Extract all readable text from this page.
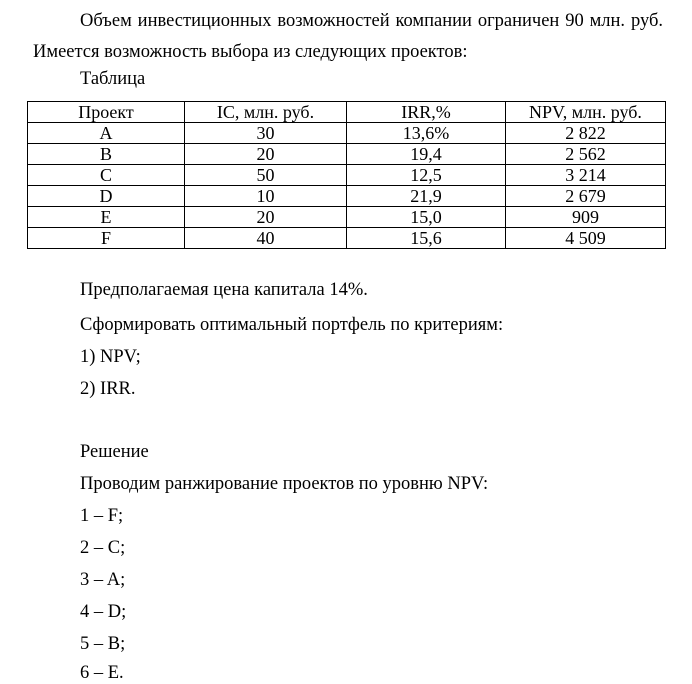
Объем инвестиционных возможностей компании ограничен 90 млн. руб. Имеется возможность выбора из следующих проектов:
Таблица
Проект	IC, млн. руб.	IRR,%	NPV, млн. руб.
A	30	13,6%	2 822
B	20	19,4	2 562
C	50	12,5	3 214
D	10	21,9	2 679
E	20	15,0	909
F	40	15,6	4 509
Предполагаемая цена капитала 14%.
Сформировать оптимальный портфель по критериям:
1) NPV;
2) IRR.
Решение
Проводим ранжирование проектов по уровню NPV:
1 – F;
2 – C;
3 – A;
4 – D;
5 – B;
6 – E.
